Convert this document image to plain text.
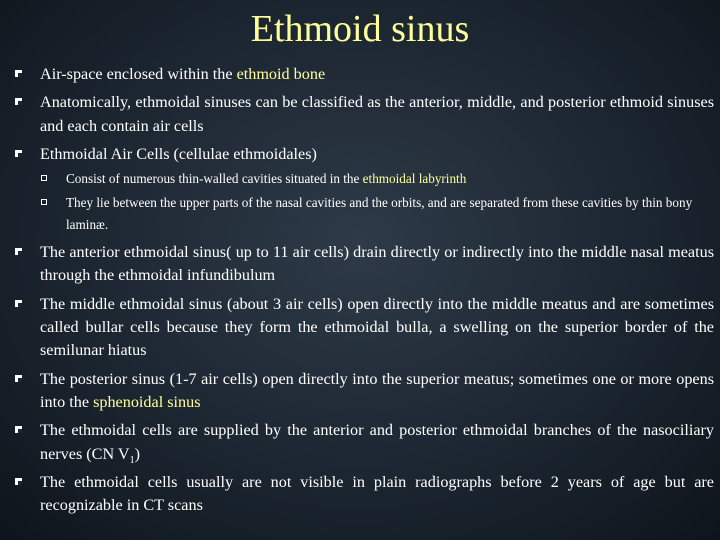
Ethmoid sinus
Air-space enclosed within the ethmoid bone
Anatomically, ethmoidal sinuses can be classified as the anterior, middle, and posterior ethmoid sinuses and each contain air cells
Ethmoidal Air Cells (cellulae ethmoidales)
Consist of numerous thin-walled cavities situated in the ethmoidal labyrinth
They lie between the upper parts of the nasal cavities and the orbits, and are separated from these cavities by thin bony laminæ.
The anterior ethmoidal sinus( up to 11 air cells) drain directly or indirectly into the middle nasal meatus through the ethmoidal infundibulum
The middle ethmoidal sinus (about 3 air cells) open directly into the middle meatus and are sometimes called bullar cells because they form the ethmoidal bulla, a swelling on the superior border of the semilunar hiatus
The posterior sinus (1-7 air cells) open directly into the superior meatus; sometimes one or more opens into the sphenoidal sinus
The ethmoidal cells are supplied by the anterior and posterior ethmoidal branches of the nasociliary nerves (CN $V_1$)
The ethmoidal cells usually are not visible in plain radiographs before 2 years of age but are recognizable in CT scans
